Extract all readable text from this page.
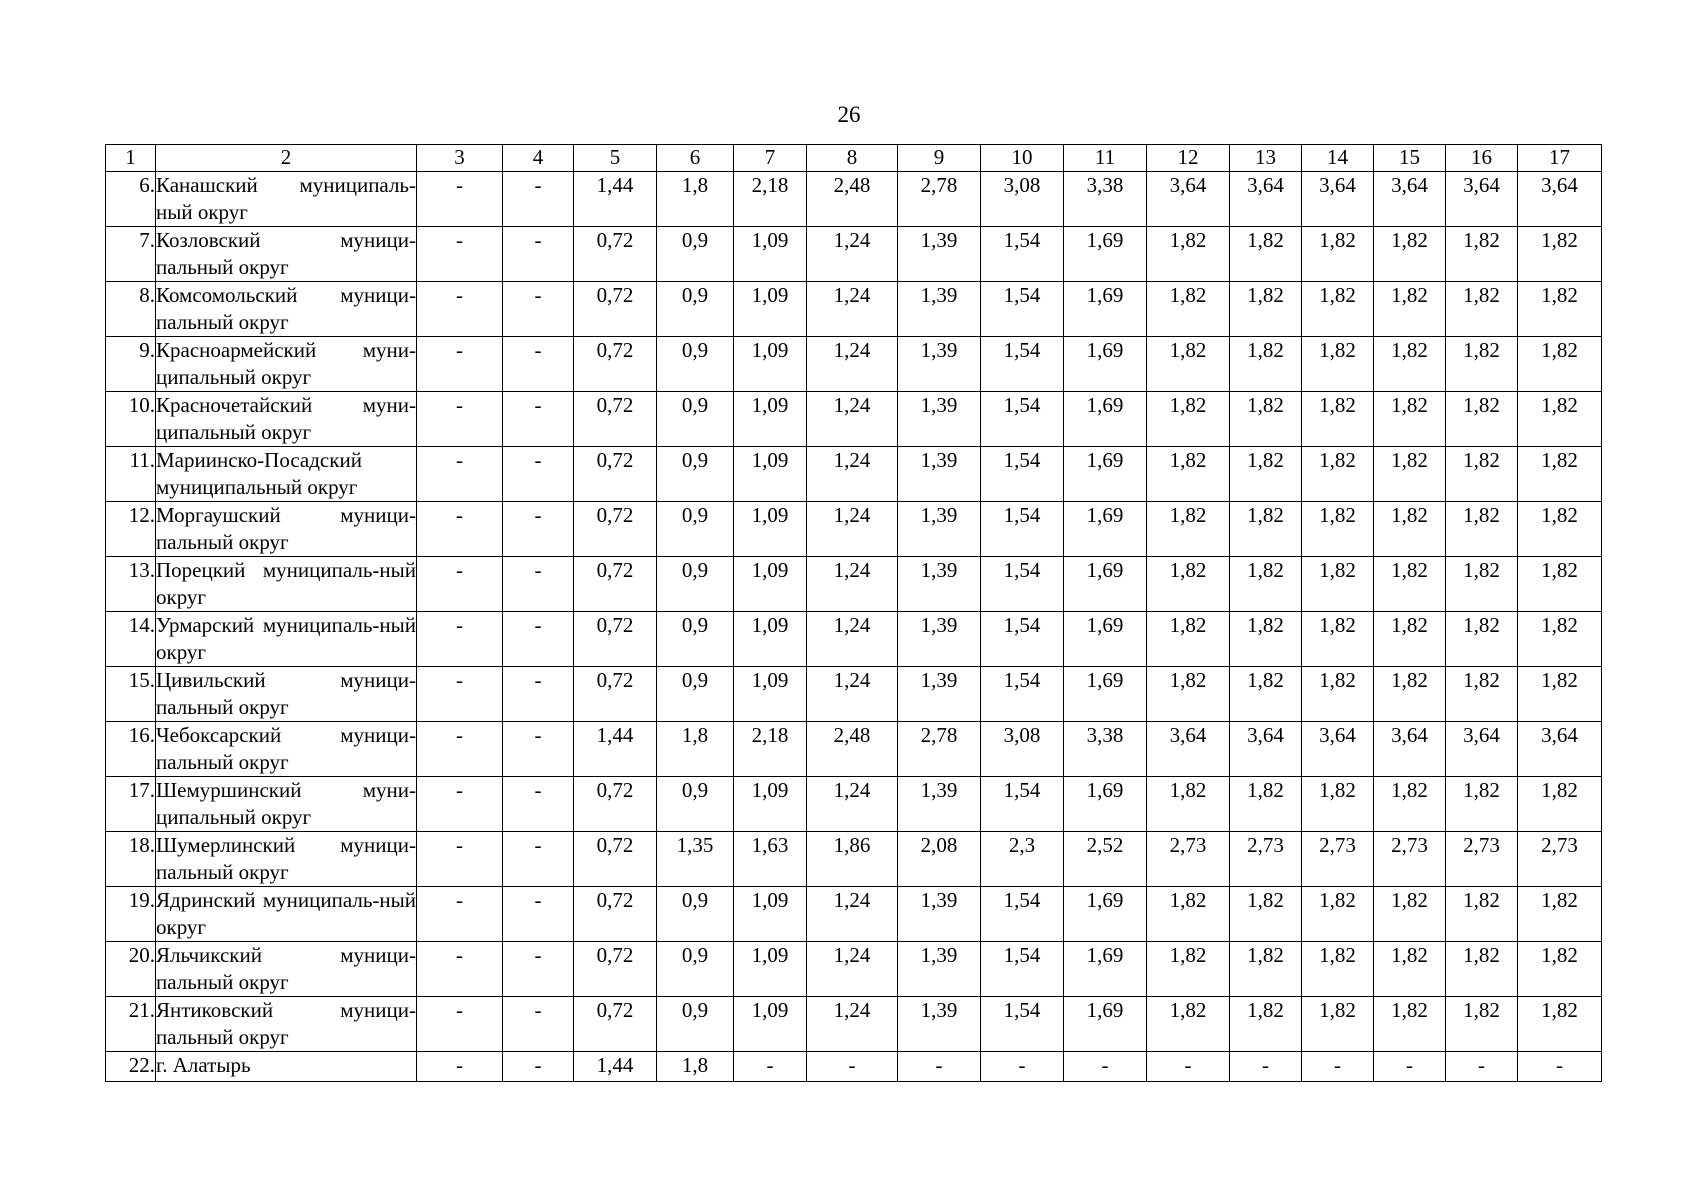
26
1	2	3	4	5	6	7	8	9	10	11	12	13	14	15	16	17
6.	Канашский муниципаль-ный округ	-	-	1,44	1,8	2,18	2,48	2,78	3,08	3,38	3,64	3,64	3,64	3,64	3,64	3,64
7.	Козловский муници-пальный округ	-	-	0,72	0,9	1,09	1,24	1,39	1,54	1,69	1,82	1,82	1,82	1,82	1,82	1,82
8.	Комсомольский муници-пальный округ	-	-	0,72	0,9	1,09	1,24	1,39	1,54	1,69	1,82	1,82	1,82	1,82	1,82	1,82
9.	Красноармейский муни-ципальный округ	-	-	0,72	0,9	1,09	1,24	1,39	1,54	1,69	1,82	1,82	1,82	1,82	1,82	1,82
10.	Красночетайский муни-ципальный округ	-	-	0,72	0,9	1,09	1,24	1,39	1,54	1,69	1,82	1,82	1,82	1,82	1,82	1,82
11.	Мариинско-Посадский муниципальный округ	-	-	0,72	0,9	1,09	1,24	1,39	1,54	1,69	1,82	1,82	1,82	1,82	1,82	1,82
12.	Моргаушский муници-пальный округ	-	-	0,72	0,9	1,09	1,24	1,39	1,54	1,69	1,82	1,82	1,82	1,82	1,82	1,82
13.	Порецкий муниципаль-ный округ	-	-	0,72	0,9	1,09	1,24	1,39	1,54	1,69	1,82	1,82	1,82	1,82	1,82	1,82
14.	Урмарский муниципаль-ный округ	-	-	0,72	0,9	1,09	1,24	1,39	1,54	1,69	1,82	1,82	1,82	1,82	1,82	1,82
15.	Цивильский муници-пальный округ	-	-	0,72	0,9	1,09	1,24	1,39	1,54	1,69	1,82	1,82	1,82	1,82	1,82	1,82
16.	Чебоксарский муници-пальный округ	-	-	1,44	1,8	2,18	2,48	2,78	3,08	3,38	3,64	3,64	3,64	3,64	3,64	3,64
17.	Шемуршинский муни-ципальный округ	-	-	0,72	0,9	1,09	1,24	1,39	1,54	1,69	1,82	1,82	1,82	1,82	1,82	1,82
18.	Шумерлинский муници-пальный округ	-	-	0,72	1,35	1,63	1,86	2,08	2,3	2,52	2,73	2,73	2,73	2,73	2,73	2,73
19.	Ядринский муниципаль-ный округ	-	-	0,72	0,9	1,09	1,24	1,39	1,54	1,69	1,82	1,82	1,82	1,82	1,82	1,82
20.	Яльчикский муници-пальный округ	-	-	0,72	0,9	1,09	1,24	1,39	1,54	1,69	1,82	1,82	1,82	1,82	1,82	1,82
21.	Янтиковский муници-пальный округ	-	-	0,72	0,9	1,09	1,24	1,39	1,54	1,69	1,82	1,82	1,82	1,82	1,82	1,82
22.	г. Алатырь	-	-	1,44	1,8	-	-	-	-	-	-	-	-	-	-	-
